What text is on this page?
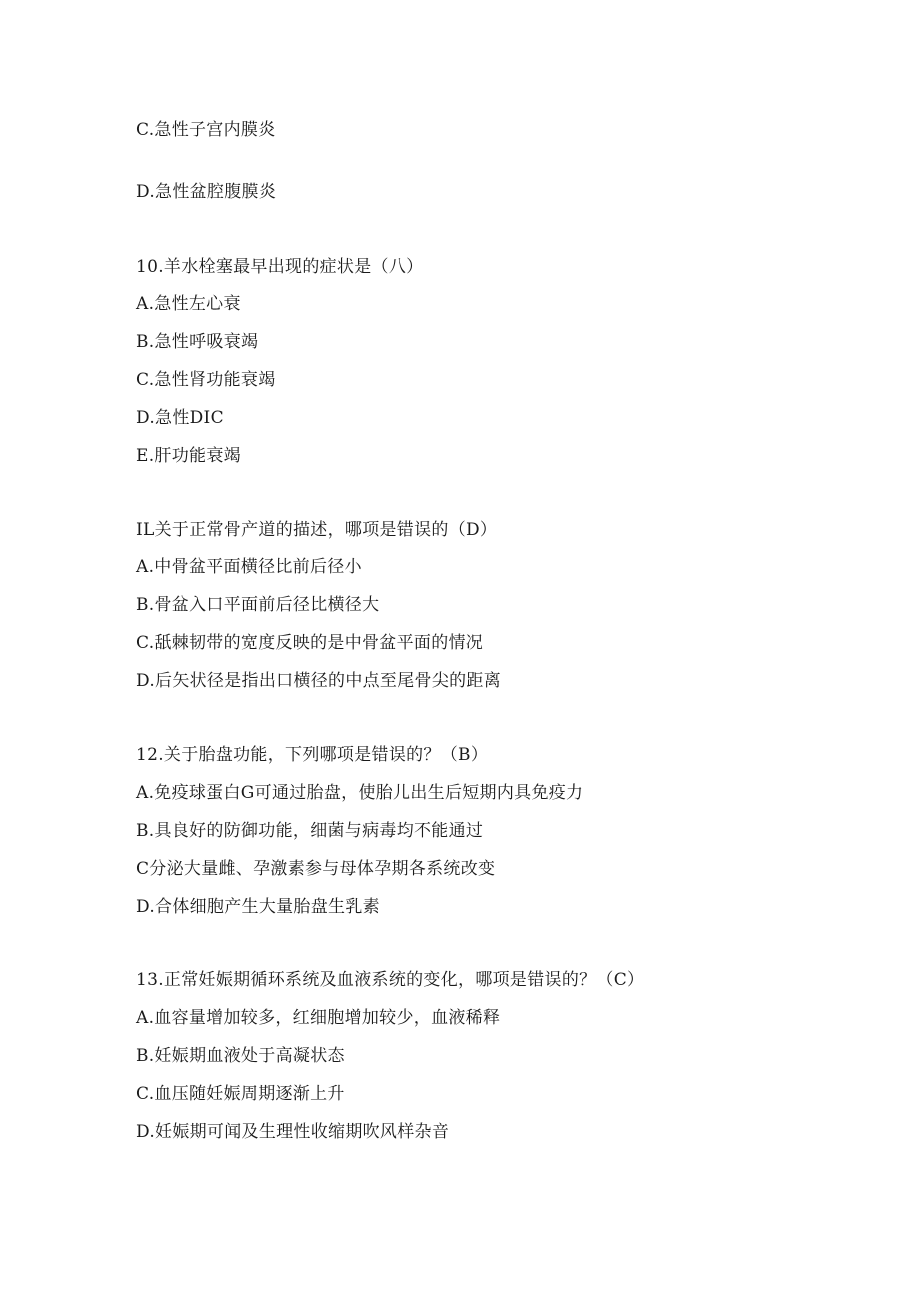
C.急性子宫内膜炎
D.急性盆腔腹膜炎
10.羊水栓塞最早出现的症状是（八）
A.急性左心衰
B.急性呼吸衰竭
C.急性肾功能衰竭
D.急性DIC
E.肝功能衰竭
IL关于正常骨产道的描述，哪项是错误的（D）
A.中骨盆平面横径比前后径小
B.骨盆入口平面前后径比横径大
C.舐棘韧带的宽度反映的是中骨盆平面的情况
D.后矢状径是指出口横径的中点至尾骨尖的距离
12.关于胎盘功能，下列哪项是错误的？（B）
A.免疫球蛋白G可通过胎盘，使胎儿出生后短期内具免疫力
B.具良好的防御功能，细菌与病毒均不能通过
C分泌大量雌、孕激素参与母体孕期各系统改变
D.合体细胞产生大量胎盘生乳素
13.正常妊娠期循环系统及血液系统的变化，哪项是错误的？（C）
A.血容量增加较多，红细胞增加较少，血液稀释
B.妊娠期血液处于高凝状态
C.血压随妊娠周期逐渐上升
D.妊娠期可闻及生理性收缩期吹风样杂音
